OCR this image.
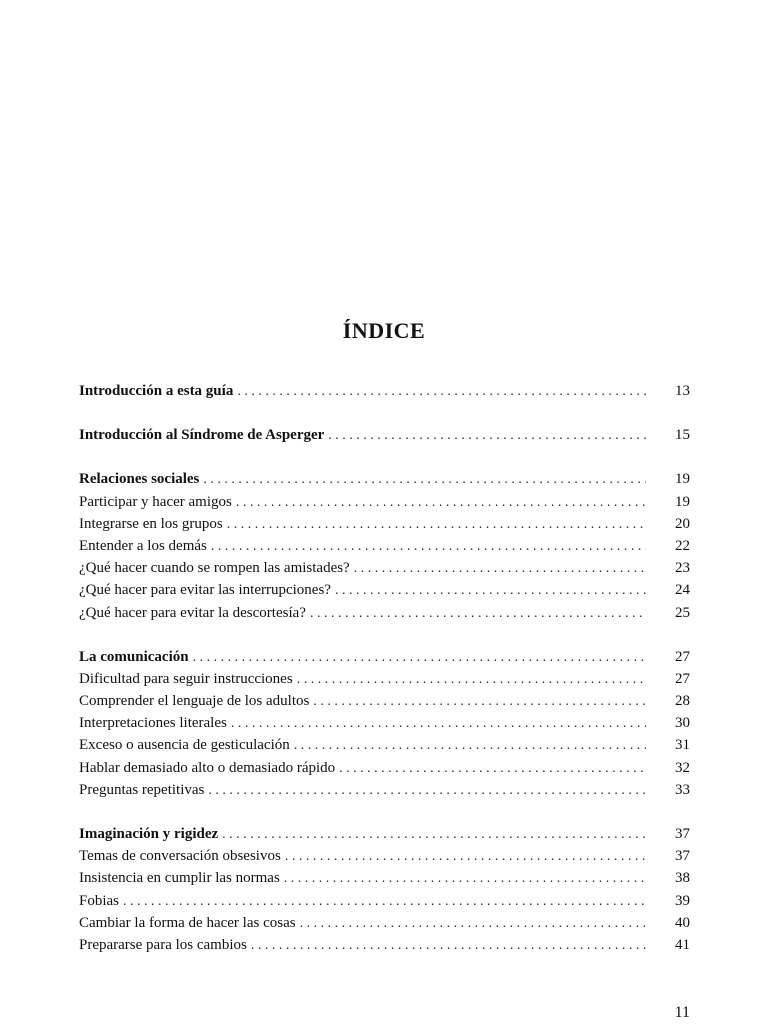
ÍNDICE
Introducción a esta guía . . .	13
Introducción al Síndrome de Asperger . . .	15
Relaciones sociales . . .	19
Participar y hacer amigos . . .	19
Integrarse en los grupos . . .	20
Entender a los demás . . .	22
¿Qué hacer cuando se rompen las amistades? . . .	23
¿Qué hacer para evitar las interrupciones? . . .	24
¿Qué hacer para evitar la descortesía? . . .	25
La comunicación . . .	27
Dificultad para seguir instrucciones . . .	27
Comprender el lenguaje de los adultos . . .	28
Interpretaciones literales . . .	30
Exceso o ausencia de gesticulación . . .	31
Hablar demasiado alto o demasiado rápido . . .	32
Preguntas repetitivas . . .	33
Imaginación y rigidez . . .	37
Temas de conversación obsesivos . . .	37
Insistencia en cumplir las normas . . .	38
Fobias . . .	39
Cambiar la forma de hacer las cosas . . .	40
Prepararse para los cambios . . .	41
11
